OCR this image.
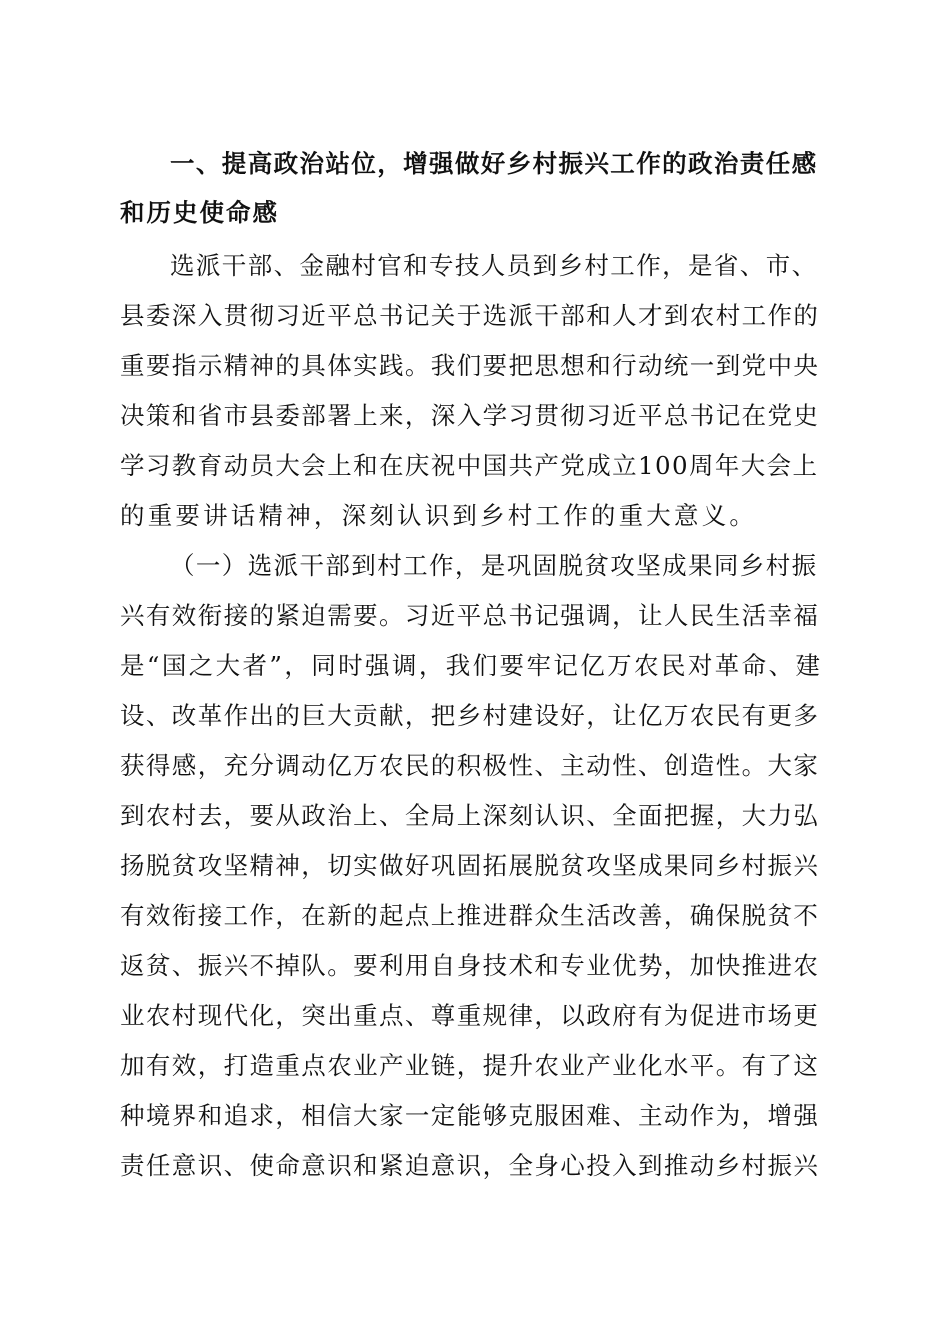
一、提高政治站位，增强做好乡村振兴工作的政治责任感
和历史使命感
选派干部、金融村官和专技人员到乡村工作，是省、市、
县委深入贯彻习近平总书记关于选派干部和人才到农村工作的
重要指示精神的具体实践。我们要把思想和行动统一到党中央
决策和省市县委部署上来，深入学习贯彻习近平总书记在党史
学习教育动员大会上和在庆祝中国共产党成立100周年大会上
的重要讲话精神，深刻认识到乡村工作的重大意义。
（一）选派干部到村工作，是巩固脱贫攻坚成果同乡村振
兴有效衔接的紧迫需要。习近平总书记强调，让人民生活幸福
是“国之大者”，同时强调，我们要牢记亿万农民对革命、建
设、改革作出的巨大贡献，把乡村建设好，让亿万农民有更多
获得感，充分调动亿万农民的积极性、主动性、创造性。大家
到农村去，要从政治上、全局上深刻认识、全面把握，大力弘
扬脱贫攻坚精神，切实做好巩固拓展脱贫攻坚成果同乡村振兴
有效衔接工作，在新的起点上推进群众生活改善，确保脱贫不
返贫、振兴不掉队。要利用自身技术和专业优势，加快推进农
业农村现代化，突出重点、尊重规律，以政府有为促进市场更
加有效，打造重点农业产业链，提升农业产业化水平。有了这
种境界和追求，相信大家一定能够克服困难、主动作为，增强
责任意识、使命意识和紧迫意识，全身心投入到推动乡村振兴
